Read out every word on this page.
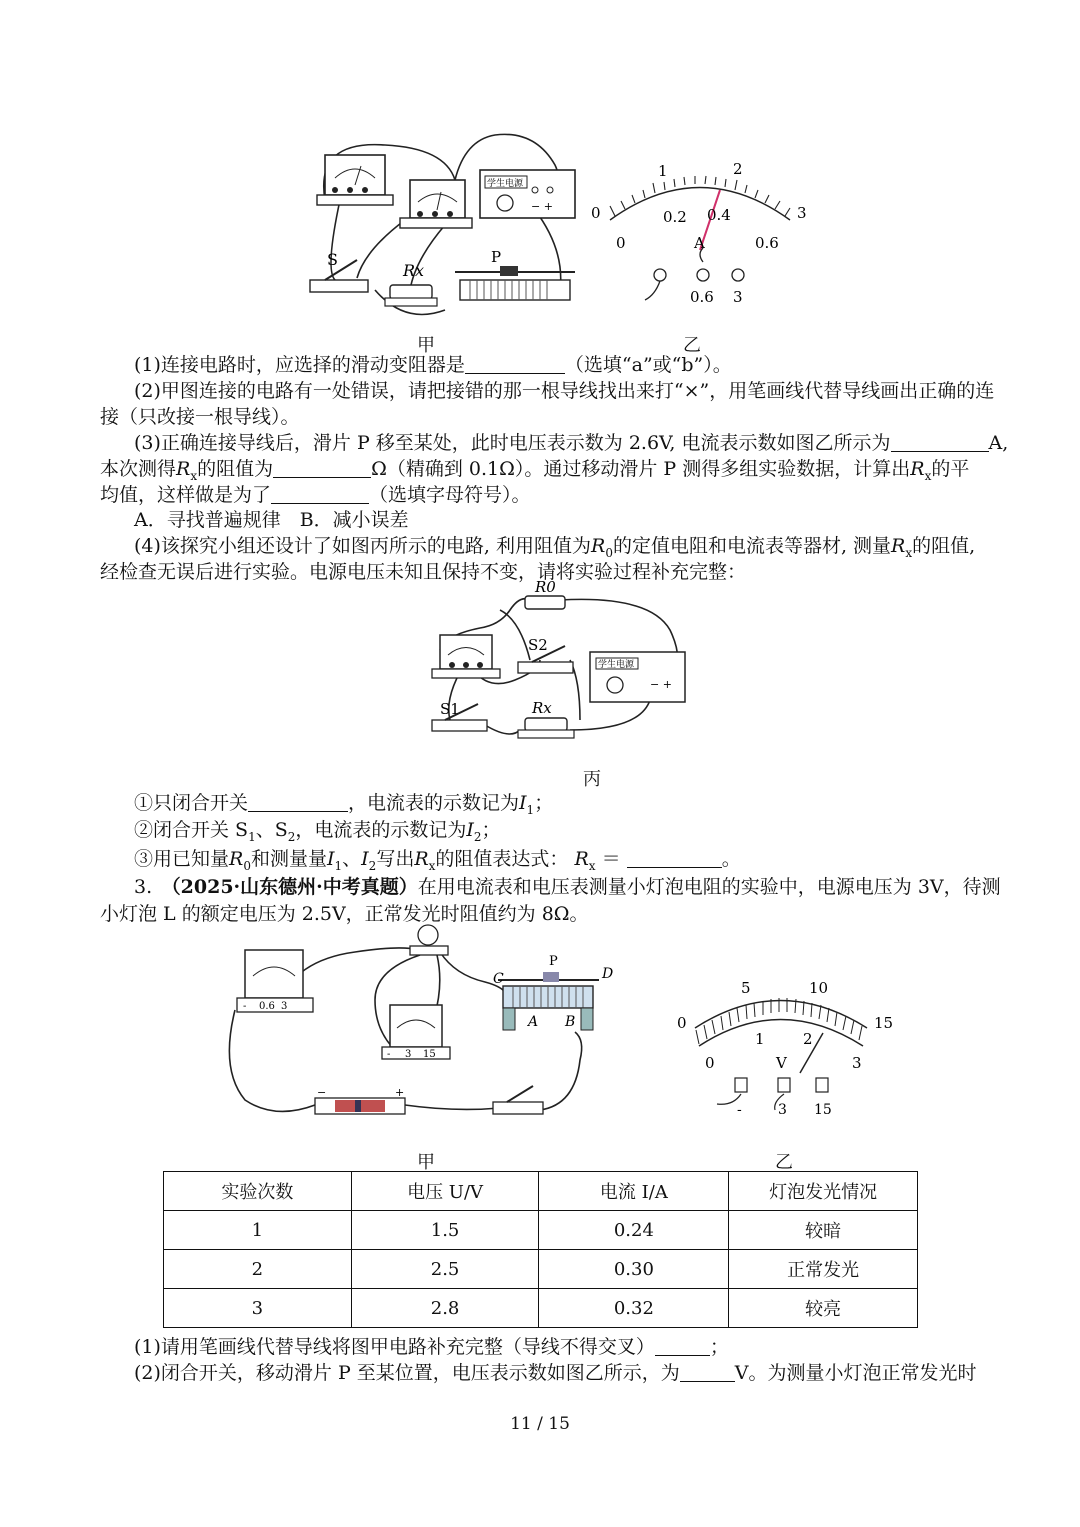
学生电源
− +
S
Rx
P
1	2
0	0.2 0.4	3
0	0.6
A
0.6 3
甲	乙
(1)连接电路时，应选择的滑动变阻器是	（选填“a”或“b”）。
(2)甲图连接的电路有一处错误，请把接错的那一根导线找出来打“×”，用笔画线代替导线画出正确的连
接（只改接一根导线）。
(3)正确连接导线后，滑片 P 移至某处，此时电压表示数为 2.6V, 电流表示数如图乙所示为	A,
本次测得$R_x$的阻值为	Ω（精确到 0.1Ω）。通过移动滑片 P 测得多组实验数据，计算出$R_x$的平
均值，这样做是为了	（选填字母符号）。
A．寻找普遍规律　B．减小误差
(4)该探究小组还设计了如图丙所示的电路, 利用阻值为$R_0$的定值电阻和电流表等器材, 测量$R_x$的阻值,
经检查无误后进行实验。电源电压未知且保持不变，请将实验过程补充完整：
R0
S2
学生电源
− +
S1	Rx
丙
①只闭合开关	，电流表的示数记为$I_1$；
②闭合开关 $S_1$、$S_2$，电流表的示数记为$I_2$；
③用已知量$R_0$和测量量$I_1$、$I_2$写出$R_x$的阻值表达式： $R_x$ ＝	。
3.　 （2025·山东德州·中考真题）在用电流表和电压表测量小灯泡电阻的实验中，电源电压为 3V，待测
小灯泡 L 的额定电压为 2.5V，正常发光时阻值约为 8Ω。
- 0.6 3
- 3 15
C
P
D
A B
−	+
5	10
0
1	2
15
0	3
V
-	3 15
甲	乙
实验次数	电压 U/V	电流 I/A	灯泡发光情况
1	1.5	0.24	较暗
2	2.5	0.30	正常发光
3	2.8	0.32	较亮
(1)请用笔画线代替导线将图甲电路补充完整（导线不得交叉）	；
(2)闭合开关，移动滑片 P 至某位置，电压表示数如图乙所示，为	V。为测量小灯泡正常发光时
11 / 15
